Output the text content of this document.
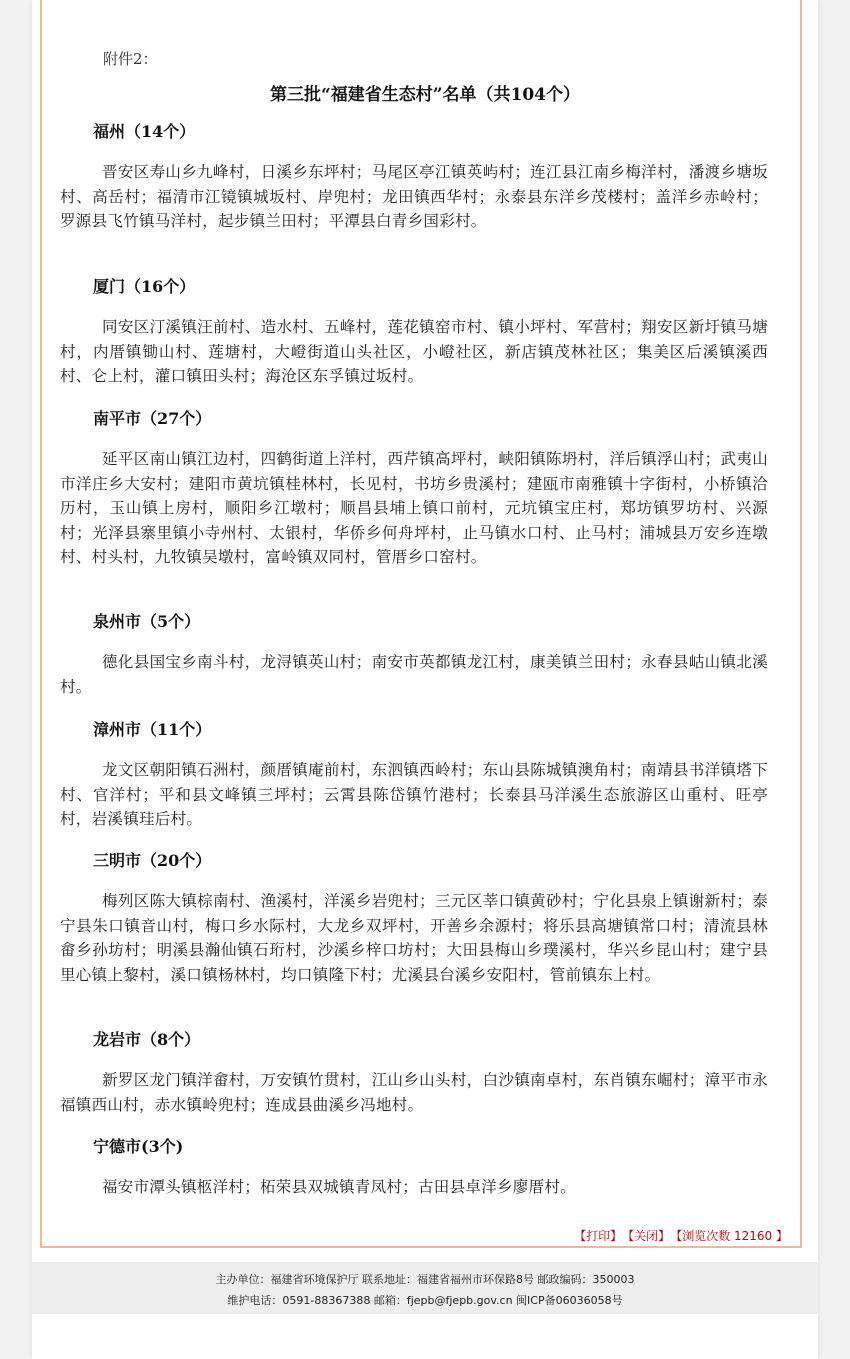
附件2：
第三批“福建省生态村”名单（共104个）
福州（14个）
晋安区寿山乡九峰村，日溪乡东坪村；马尾区亭江镇英屿村；连江县江南乡梅洋村，潘渡乡塘坂村、高岳村；福清市江镜镇城坂村、岸兜村；龙田镇西华村；永泰县东洋乡茂楼村；盖洋乡赤岭村；罗源县飞竹镇马洋村，起步镇兰田村；平潭县白青乡国彩村。
厦门（16个）
同安区汀溪镇汪前村、造水村、五峰村，莲花镇窑市村、镇小坪村、军营村；翔安区新圩镇马塘村，内厝镇锄山村、莲塘村，大嶝街道山头社区，小嶝社区，新店镇茂林社区；集美区后溪镇溪西村、仑上村，灌口镇田头村；海沧区东孚镇过坂村。
南平市（27个）
延平区南山镇江边村，四鹤街道上洋村，西芹镇高坪村，峡阳镇陈坍村，洋后镇浮山村；武夷山市洋庄乡大安村；建阳市黄坑镇桂林村，长见村，书坊乡贵溪村；建瓯市南雅镇十字街村，小桥镇洽历村，玉山镇上房村，顺阳乡江墩村；顺昌县埔上镇口前村，元坑镇宝庄村，郑坊镇罗坊村、兴源村；光泽县寨里镇小寺州村、太银村，华侨乡何舟坪村，止马镇水口村、止马村；浦城县万安乡连墩村、村头村，九牧镇吴墩村，富岭镇双同村，管厝乡口窑村。
泉州市（5个）
德化县国宝乡南斗村，龙浔镇英山村；南安市英都镇龙江村，康美镇兰田村；永春县岵山镇北溪村。
漳州市（11个）
龙文区朝阳镇石洲村，颜厝镇庵前村，东泗镇西岭村；东山县陈城镇澳角村；南靖县书洋镇塔下村、官洋村；平和县文峰镇三坪村；云霄县陈岱镇竹港村；长泰县马洋溪生态旅游区山重村、旺亭村，岩溪镇珪后村。
三明市（20个）
梅列区陈大镇棕南村、渔溪村，洋溪乡岩兜村；三元区莘口镇黄砂村；宁化县泉上镇谢新村；泰宁县朱口镇音山村，梅口乡水际村，大龙乡双坪村，开善乡余源村；将乐县高塘镇常口村；清流县林畲乡孙坊村；明溪县瀚仙镇石珩村，沙溪乡梓口坊村；大田县梅山乡璞溪村，华兴乡昆山村；建宁县里心镇上黎村，溪口镇杨林村，均口镇隆下村；尤溪县台溪乡安阳村，管前镇东上村。
龙岩市（8个）
新罗区龙门镇洋畲村，万安镇竹贯村，江山乡山头村，白沙镇南卓村，东肖镇东崛村；漳平市永福镇西山村，赤水镇岭兜村；连成县曲溪乡冯地村。
宁德市(3个)
福安市潭头镇柩洋村；柘荣县双城镇青凤村；古田县卓洋乡廖厝村。
【打印】 【关闭】 【浏览次数 12160 】
主办单位：福建省环境保护厅 联系地址：福建省福州市环保路8号 邮政编码：350003
维护电话：0591-88367388 邮箱：fjepb@fjepb.gov.cn 闽ICP备06036058号
